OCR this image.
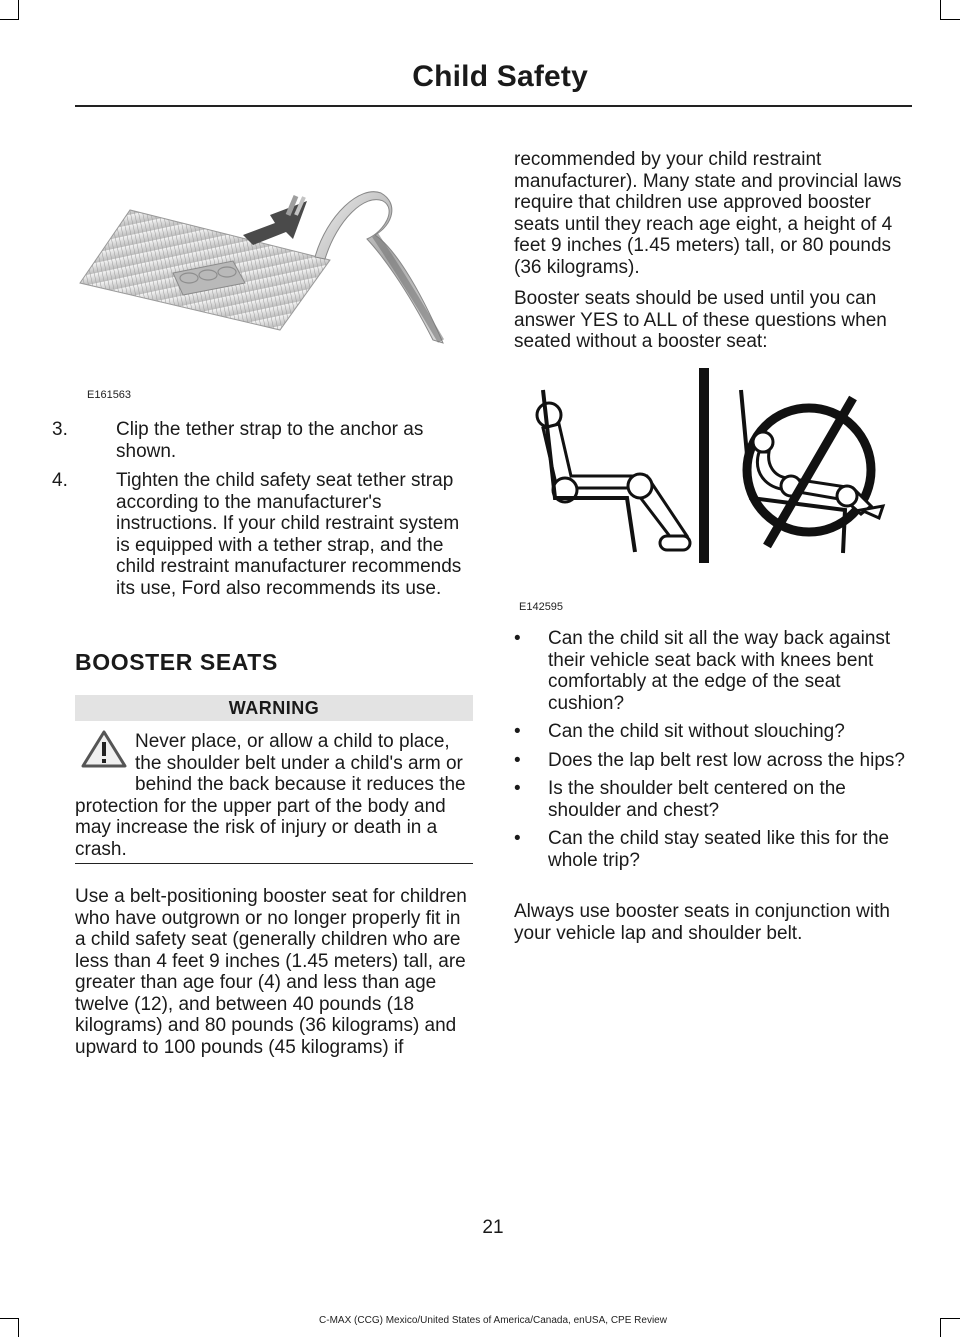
Child Safety
E161563
3.	Clip the tether strap to the anchor as shown.
4.	Tighten the child safety seat tether strap according to the manufacturer's instructions. If your child restraint system is equipped with a tether strap, and the child restraint manufacturer recommends its use, Ford also recommends its use.
BOOSTER SEATS
WARNING

Never place, or allow a child to place, the shoulder belt under a child's arm or behind the back because it reduces the protection for the upper part of the body and may increase the risk of injury or death in a crash.

Use a belt-positioning booster seat for children who have outgrown or no longer properly fit in a child safety seat (generally children who are less than 4 feet 9 inches (1.45 meters) tall, are greater than age four (4) and less than age twelve (12), and between 40 pounds (18 kilograms) and 80 pounds (36 kilograms) and upward to 100 pounds (45 kilograms) if

recommended by your child restraint manufacturer). Many state and provincial laws require that children use approved booster seats until they reach age eight, a height of 4 feet 9 inches (1.45 meters) tall, or 80 pounds (36 kilograms).

Booster seats should be used until you can answer YES to ALL of these questions when seated without a booster seat:

E142595
• Can the child sit all the way back against their vehicle seat back with knees bent comfortably at the edge of the seat cushion?
• Can the child sit without slouching?
• Does the lap belt rest low across the hips?
• Is the shoulder belt centered on the shoulder and chest?
• Can the child stay seated like this for the whole trip?

Always use booster seats in conjunction with your vehicle lap and shoulder belt.

21
C-MAX (CCG) Mexico/United States of America/Canada, enUSA, CPE Review
